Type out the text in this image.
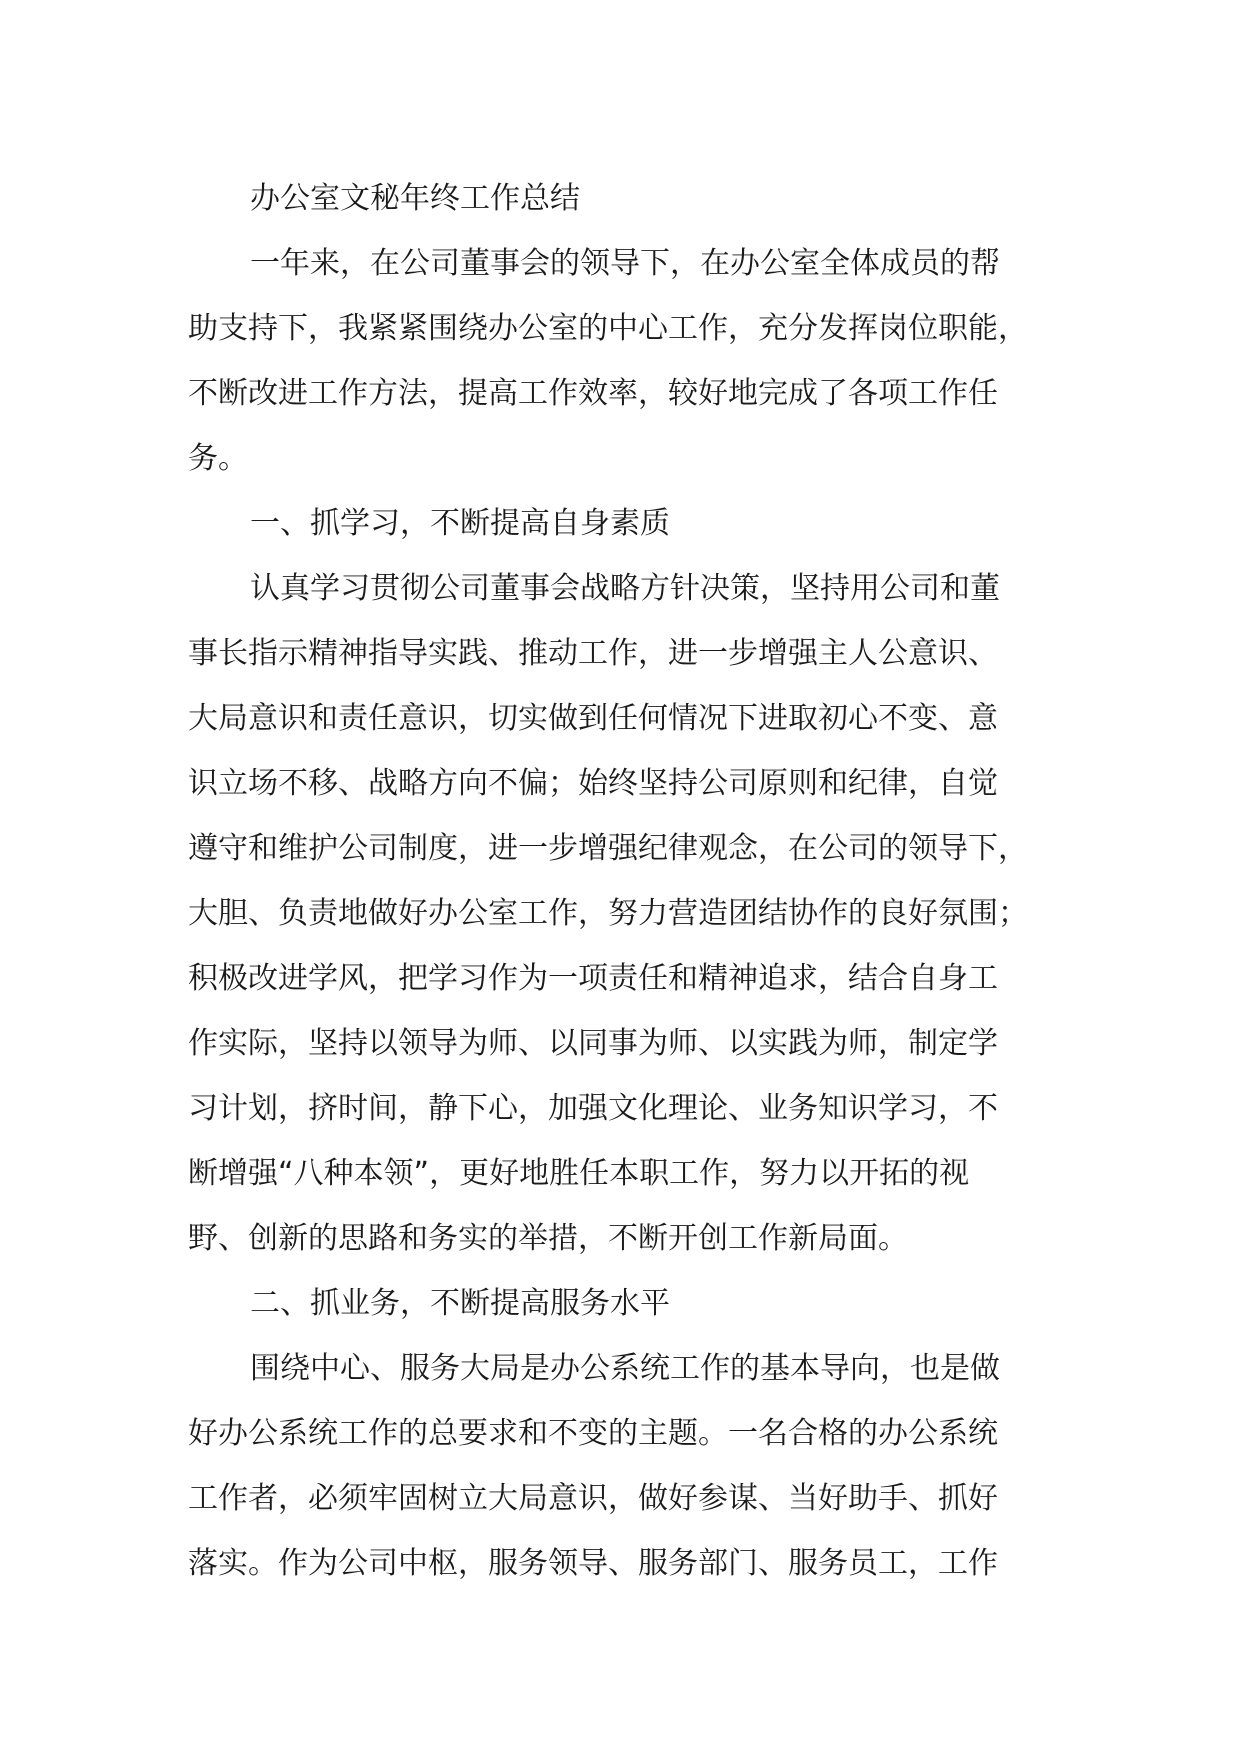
办公室文秘年终工作总结

一年来，在公司董事会的领导下，在办公室全体成员的帮
助支持下，我紧紧围绕办公室的中心工作，充分发挥岗位职能，
不断改进工作方法，提高工作效率，较好地完成了各项工作任
务。

一、抓学习，不断提高自身素质

认真学习贯彻公司董事会战略方针决策，坚持用公司和董
事长指示精神指导实践、推动工作，进一步增强主人公意识、
大局意识和责任意识，切实做到任何情况下进取初心不变、意
识立场不移、战略方向不偏；始终坚持公司原则和纪律，自觉
遵守和维护公司制度，进一步增强纪律观念，在公司的领导下，
大胆、负责地做好办公室工作，努力营造团结协作的良好氛围；
积极改进学风，把学习作为一项责任和精神追求，结合自身工
作实际，坚持以领导为师、以同事为师、以实践为师，制定学
习计划，挤时间，静下心，加强文化理论、业务知识学习，不
断增强“八种本领”，更好地胜任本职工作，努力以开拓的视
野、创新的思路和务实的举措，不断开创工作新局面。

二、抓业务，不断提高服务水平

围绕中心、服务大局是办公系统工作的基本导向，也是做
好办公系统工作的总要求和不变的主题。一名合格的办公系统
工作者，必须牢固树立大局意识，做好参谋、当好助手、抓好
落实。作为公司中枢，服务领导、服务部门、服务员工，工作
